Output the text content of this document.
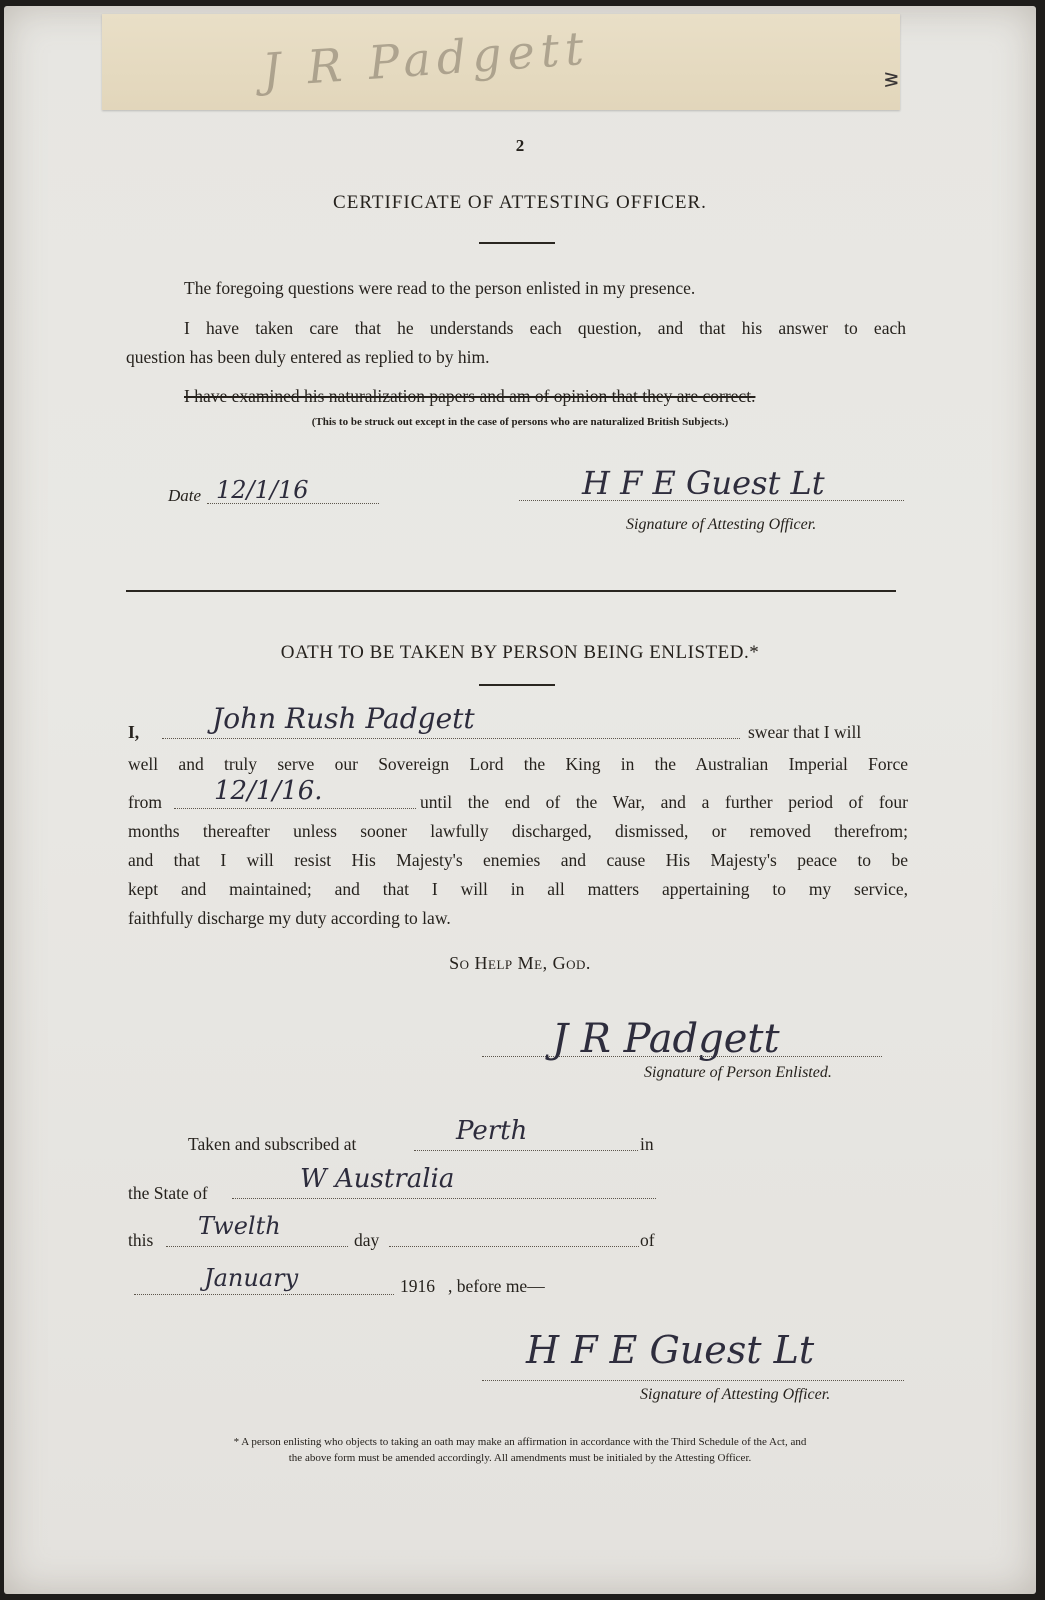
J R Padgett	ᕒ
2
CERTIFICATE OF ATTESTING OFFICER.
The foregoing questions were read to the person enlisted in my presence.
I have taken care that he understands each question, and that his answer to each
question has been duly entered as replied to by him.
I have examined his naturalization papers and am of opinion that they are correct.
(This to be struck out except in the case of persons who are naturalized British Subjects.)
Date 12/1/16	H F E Guest Lt
Signature of Attesting Officer.
OATH TO BE TAKEN BY PERSON BEING ENLISTED.*
I,	John Rush Padgett	swear that I will
well and truly serve our Sovereign Lord the King in the Australian Imperial Force
from 12/1/16.	until the end of the War, and a further period of four
months thereafter unless sooner lawfully discharged, dismissed, or removed therefrom;
and that I will resist His Majesty's enemies and cause His Majesty's peace to be
kept and maintained; and that I will in all matters appertaining to my service,
faithfully discharge my duty according to law.
So Help Me, God.
J R Padgett
Signature of Person Enlisted.
Taken and subscribed at	Perth	in
the State of	W Australia
this Twelth	day	of
January	1916 , before me—
H F E Guest Lt
Signature of Attesting Officer.
* A person enlisting who objects to taking an oath may make an affirmation in accordance with the Third Schedule of the Act, and
the above form must be amended accordingly. All amendments must be initialed by the Attesting Officer.
